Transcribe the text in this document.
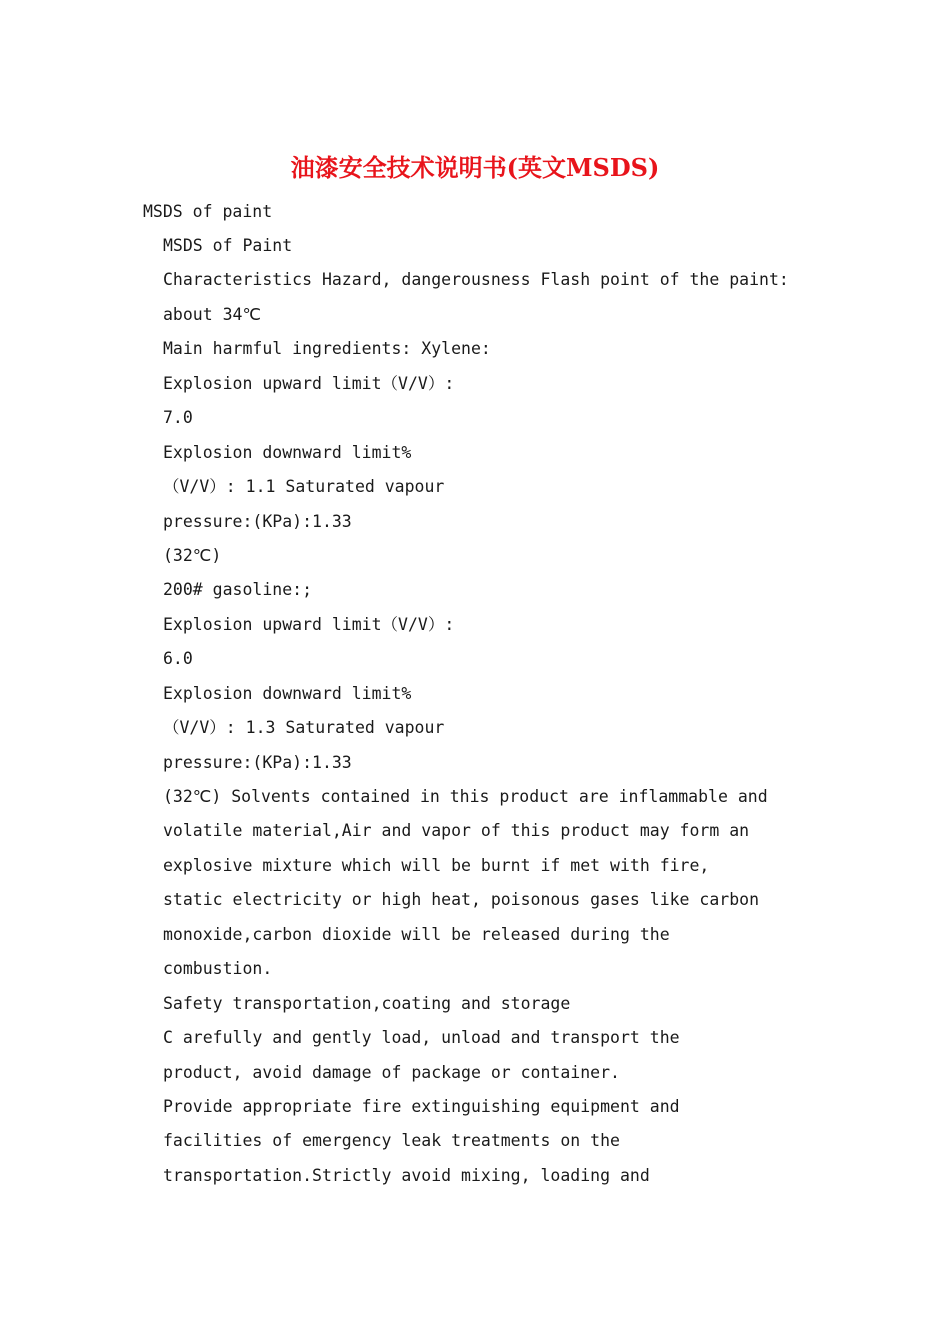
油漆安全技术说明书(英文MSDS)
MSDS of paint
MSDS of Paint
Characteristics Hazard, dangerousness Flash point of the paint:
about 34℃
Main harmful ingredients: Xylene:
Explosion upward limit（V/V）:
7.0
Explosion downward limit%
（V/V）: 1.1 Saturated vapour
pressure:(KPa):1.33
(32℃)
200# gasoline:;
Explosion upward limit（V/V）:
6.0
Explosion downward limit%
（V/V）: 1.3 Saturated vapour
pressure:(KPa):1.33
(32℃) Solvents contained in this product are inflammable and
volatile material,Air and vapor of this product may form an
explosive mixture which will be burnt if met with fire,
static electricity or high heat, poisonous gases like carbon
monoxide,carbon dioxide will be released during the
combustion.
Safety transportation,coating and storage
C arefully and gently load, unload and transport the
product, avoid damage of package or container.
Provide appropriate fire extinguishing equipment and
facilities of emergency leak treatments on the
transportation.Strictly avoid mixing, loading and
